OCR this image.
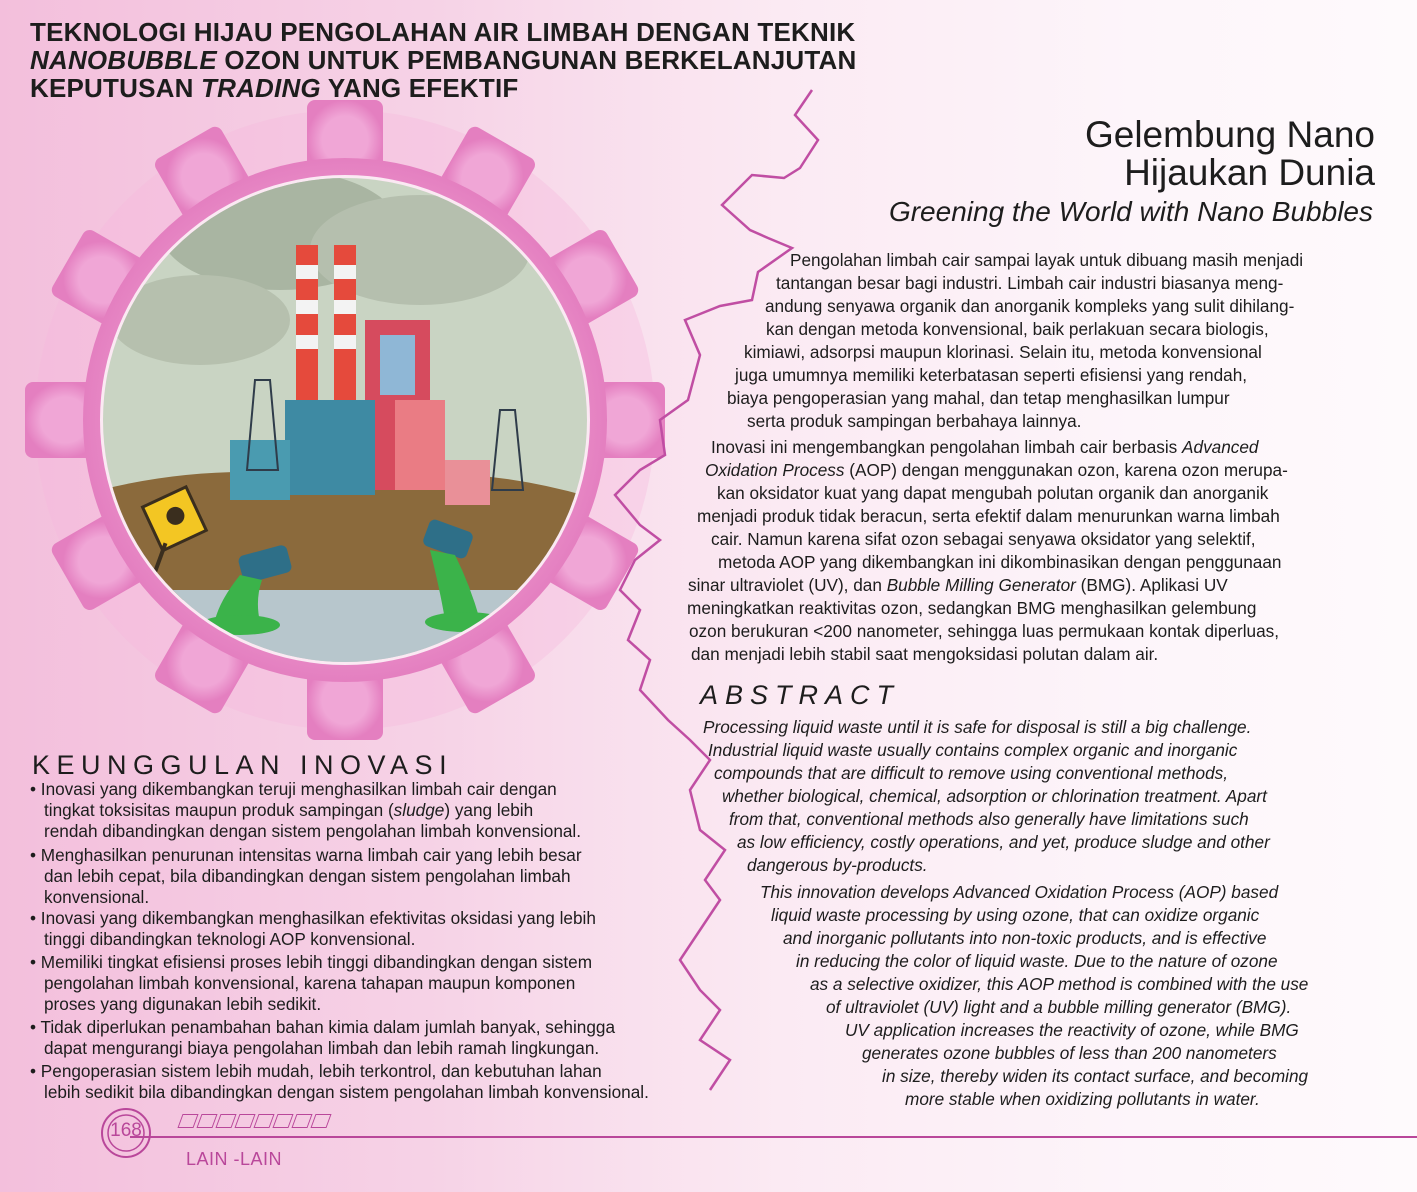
TEKNOLOGI HIJAU PENGOLAHAN AIR LIMBAH DENGAN TEKNIK
NANOBUBBLE OZON UNTUK PEMBANGUNAN BERKELANJUTAN
KEPUTUSAN TRADING YANG EFEKTIF
Gelembung Nano
Hijaukan Dunia
Greening the World with Nano Bubbles
Pengolahan limbah cair sampai layak untuk dibuang masih menjadi
tantangan besar bagi industri. Limbah cair industri biasanya meng-
andung senyawa organik dan anorganik kompleks yang sulit dihilang-
kan dengan metoda konvensional, baik perlakuan secara biologis,
kimiawi, adsorpsi maupun klorinasi. Selain itu, metoda konvensional
juga umumnya memiliki keterbatasan seperti efisiensi yang rendah,
biaya pengoperasian yang mahal, dan tetap menghasilkan lumpur
serta produk sampingan berbahaya lainnya.
Inovasi ini mengembangkan pengolahan limbah cair berbasis Advanced
Oxidation Process (AOP) dengan menggunakan ozon, karena ozon merupa-
kan oksidator kuat yang dapat mengubah polutan organik dan anorganik
menjadi produk tidak beracun, serta efektif dalam menurunkan warna limbah
cair. Namun karena sifat ozon sebagai senyawa oksidator yang selektif,
metoda AOP yang dikembangkan ini dikombinasikan dengan penggunaan
sinar ultraviolet (UV), dan Bubble Milling Generator (BMG). Aplikasi UV
meningkatkan reaktivitas ozon, sedangkan BMG menghasilkan gelembung
ozon berukuran <200 nanometer, sehingga luas permukaan kontak diperluas,
dan menjadi lebih stabil saat mengoksidasi polutan dalam air.
ABSTRACT
Processing liquid waste until it is safe for disposal is still a big challenge.
Industrial liquid waste usually contains complex organic and inorganic
compounds that are difficult to remove using conventional methods,
whether biological, chemical, adsorption or chlorination treatment. Apart
from that, conventional methods also generally have limitations such
as low efficiency, costly operations, and yet, produce sludge and other
dangerous by-products.
This innovation develops Advanced Oxidation Process (AOP) based
liquid waste processing by using ozone, that can oxidize organic
and inorganic pollutants into non-toxic products, and is effective
in reducing the color of liquid waste. Due to the nature of ozone
as a selective oxidizer, this AOP method is combined with the use
of ultraviolet (UV) light and a bubble milling generator (BMG).
UV application increases the reactivity of ozone, while BMG
generates ozone bubbles of less than 200 nanometers
in size, thereby widen its contact surface, and becoming
more stable when oxidizing pollutants in water.
KEUNGGULAN INOVASI
• Inovasi yang dikembangkan teruji menghasilkan limbah cair dengan
tingkat toksisitas maupun produk sampingan (sludge) yang lebih
rendah dibandingkan dengan sistem pengolahan limbah konvensional.
• Menghasilkan penurunan intensitas warna limbah cair yang lebih besar
dan lebih cepat, bila dibandingkan dengan sistem pengolahan limbah
konvensional.
• Inovasi yang dikembangkan menghasilkan efektivitas oksidasi yang lebih
tinggi dibandingkan teknologi AOP konvensional.
• Memiliki tingkat efisiensi proses lebih tinggi dibandingkan dengan sistem
pengolahan limbah konvensional, karena tahapan maupun komponen
proses yang digunakan lebih sedikit.
• Tidak diperlukan penambahan bahan kimia dalam jumlah banyak, sehingga
dapat mengurangi biaya pengolahan limbah dan lebih ramah lingkungan.
• Pengoperasian sistem lebih mudah, lebih terkontrol, dan kebutuhan lahan
lebih sedikit bila dibandingkan dengan sistem pengolahan limbah konvensional.
168
LAIN -LAIN
